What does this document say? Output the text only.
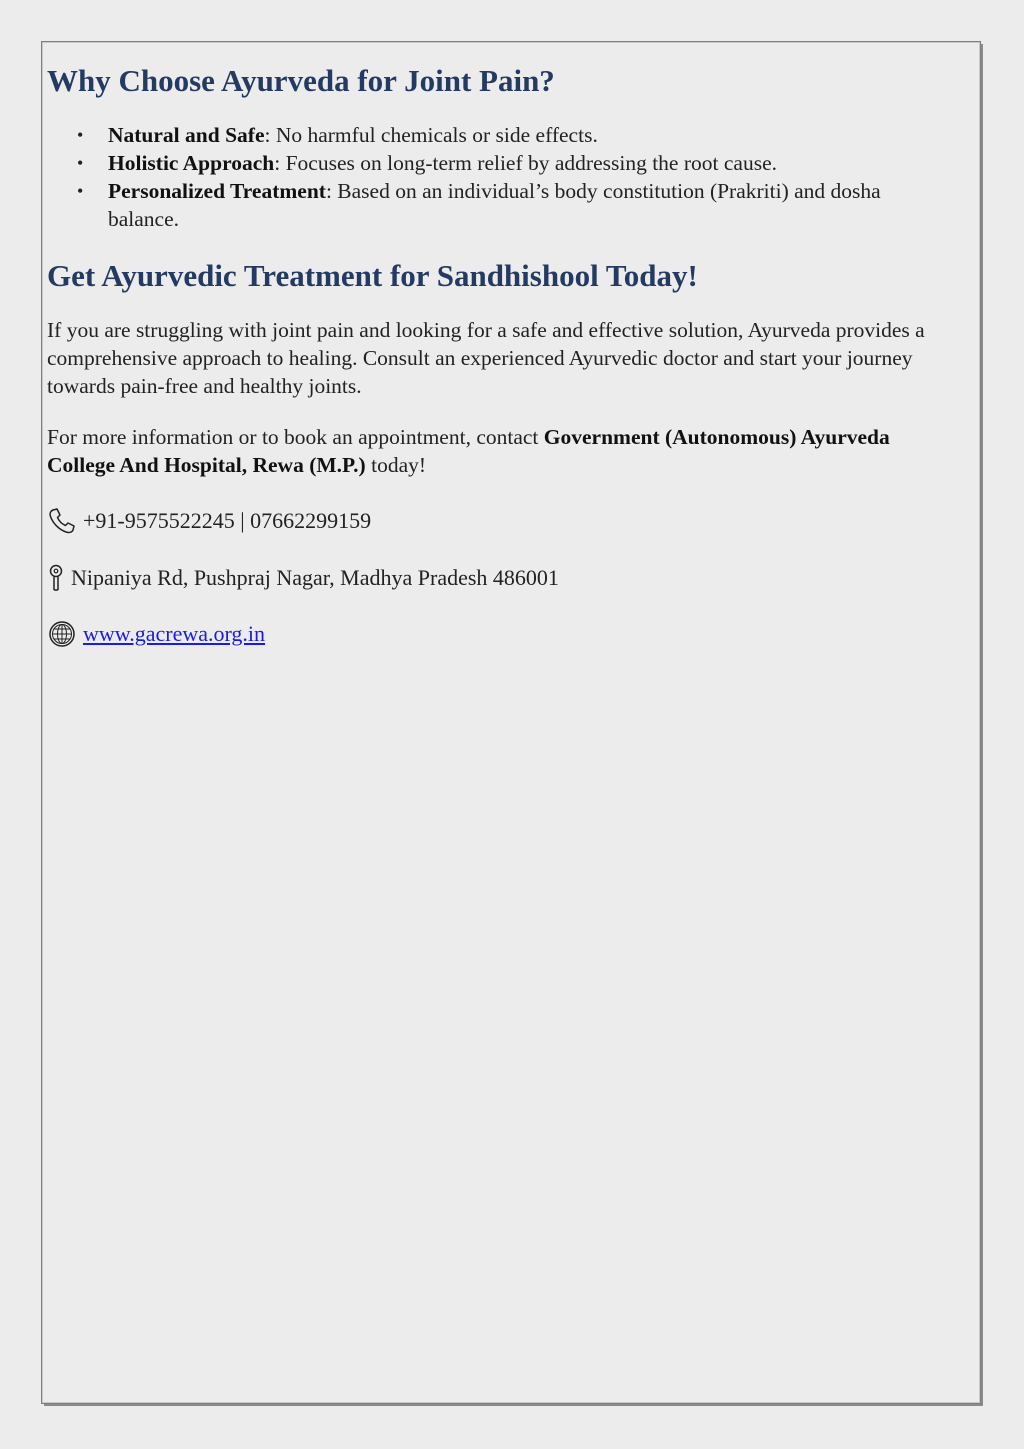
Why Choose Ayurveda for Joint Pain?
• Natural and Safe: No harmful chemicals or side effects.
• Holistic Approach: Focuses on long-term relief by addressing the root cause.
• Personalized Treatment: Based on an individual’s body constitution (Prakriti) and dosha balance.
Get Ayurvedic Treatment for Sandhishool Today!

If you are struggling with joint pain and looking for a safe and effective solution, Ayurveda provides a comprehensive approach to healing. Consult an experienced Ayurvedic doctor and start your journey towards pain-free and healthy joints.

For more information or to book an appointment, contact Government (Autonomous) Ayurveda College And Hospital, Rewa (M.P.) today!

+91-9575522245 | 07662299159
Nipaniya Rd, Pushpraj Nagar, Madhya Pradesh 486001
www.gacrewa.org.in
